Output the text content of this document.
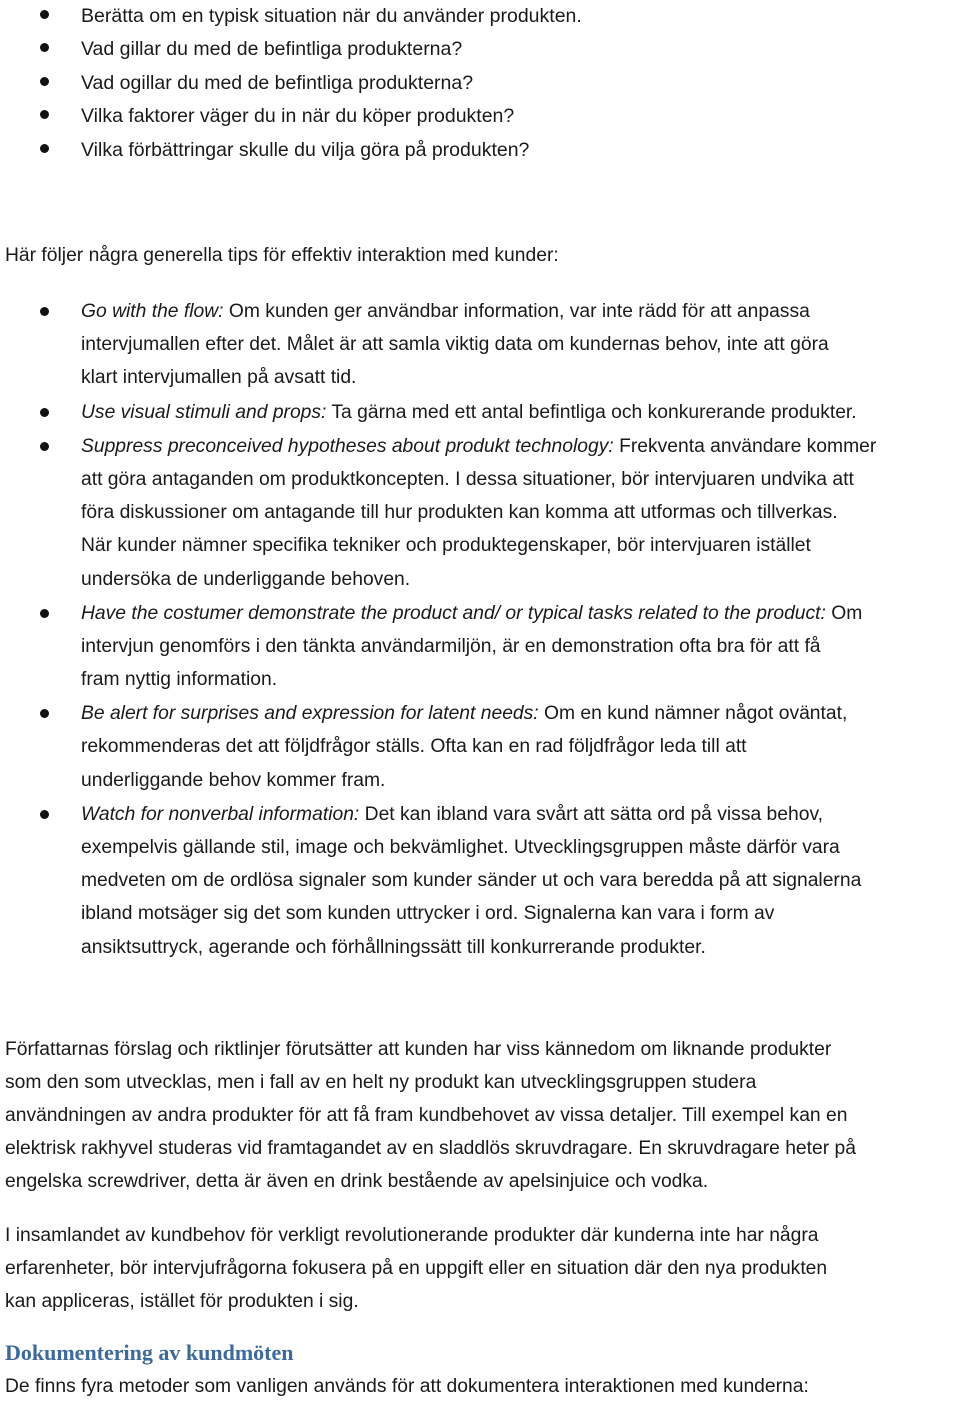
Berätta om en typisk situation när du använder produkten.
Vad gillar du med de befintliga produkterna?
Vad ogillar du med de befintliga produkterna?
Vilka faktorer väger du in när du köper produkten?
Vilka förbättringar skulle du vilja göra på produkten?

Här följer några generella tips för effektiv interaktion med kunder:

Go with the flow: Om kunden ger användbar information, var inte rädd för att anpassa
intervjumallen efter det. Målet är att samla viktig data om kundernas behov, inte att göra
klart intervjumallen på avsatt tid.
Use visual stimuli and props: Ta gärna med ett antal befintliga och konkurerande produkter.
Suppress preconceived hypotheses about produkt technology: Frekventa användare kommer
att göra antaganden om produktkoncepten. I dessa situationer, bör intervjuaren undvika att
föra diskussioner om antagande till hur produkten kan komma att utformas och tillverkas.
När kunder nämner specifika tekniker och produktegenskaper, bör intervjuaren istället
undersöka de underliggande behoven.
Have the costumer demonstrate the product and/ or typical tasks related to the product: Om
intervjun genomförs i den tänkta användarmiljön, är en demonstration ofta bra för att få
fram nyttig information.
Be alert for surprises and expression for latent needs: Om en kund nämner något oväntat,
rekommenderas det att följdfrågor ställs. Ofta kan en rad följdfrågor leda till att
underliggande behov kommer fram.
Watch for nonverbal information: Det kan ibland vara svårt att sätta ord på vissa behov,
exempelvis gällande stil, image och bekvämlighet. Utvecklingsgruppen måste därför vara
medveten om de ordlösa signaler som kunder sänder ut och vara beredda på att signalerna
ibland motsäger sig det som kunden uttrycker i ord. Signalerna kan vara i form av
ansiktsuttryck, agerande och förhållningssätt till konkurrerande produkter.

Författarnas förslag och riktlinjer förutsätter att kunden har viss kännedom om liknande produkter

som den som utvecklas, men i fall av en helt ny produkt kan utvecklingsgruppen studera

användningen av andra produkter för att få fram kundbehovet av vissa detaljer. Till exempel kan en

elektrisk rakhyvel studeras vid framtagandet av en sladdlös skruvdragare. En skruvdragare heter på

engelska screwdriver, detta är även en drink bestående av apelsinjuice och vodka.

I insamlandet av kundbehov för verkligt revolutionerande produkter där kunderna inte har några

erfarenheter, bör intervjufrågorna fokusera på en uppgift eller en situation där den nya produkten

kan appliceras, istället för produkten i sig.

Dokumentering av kundmöten

De finns fyra metoder som vanligen används för att dokumentera interaktionen med kunderna:
